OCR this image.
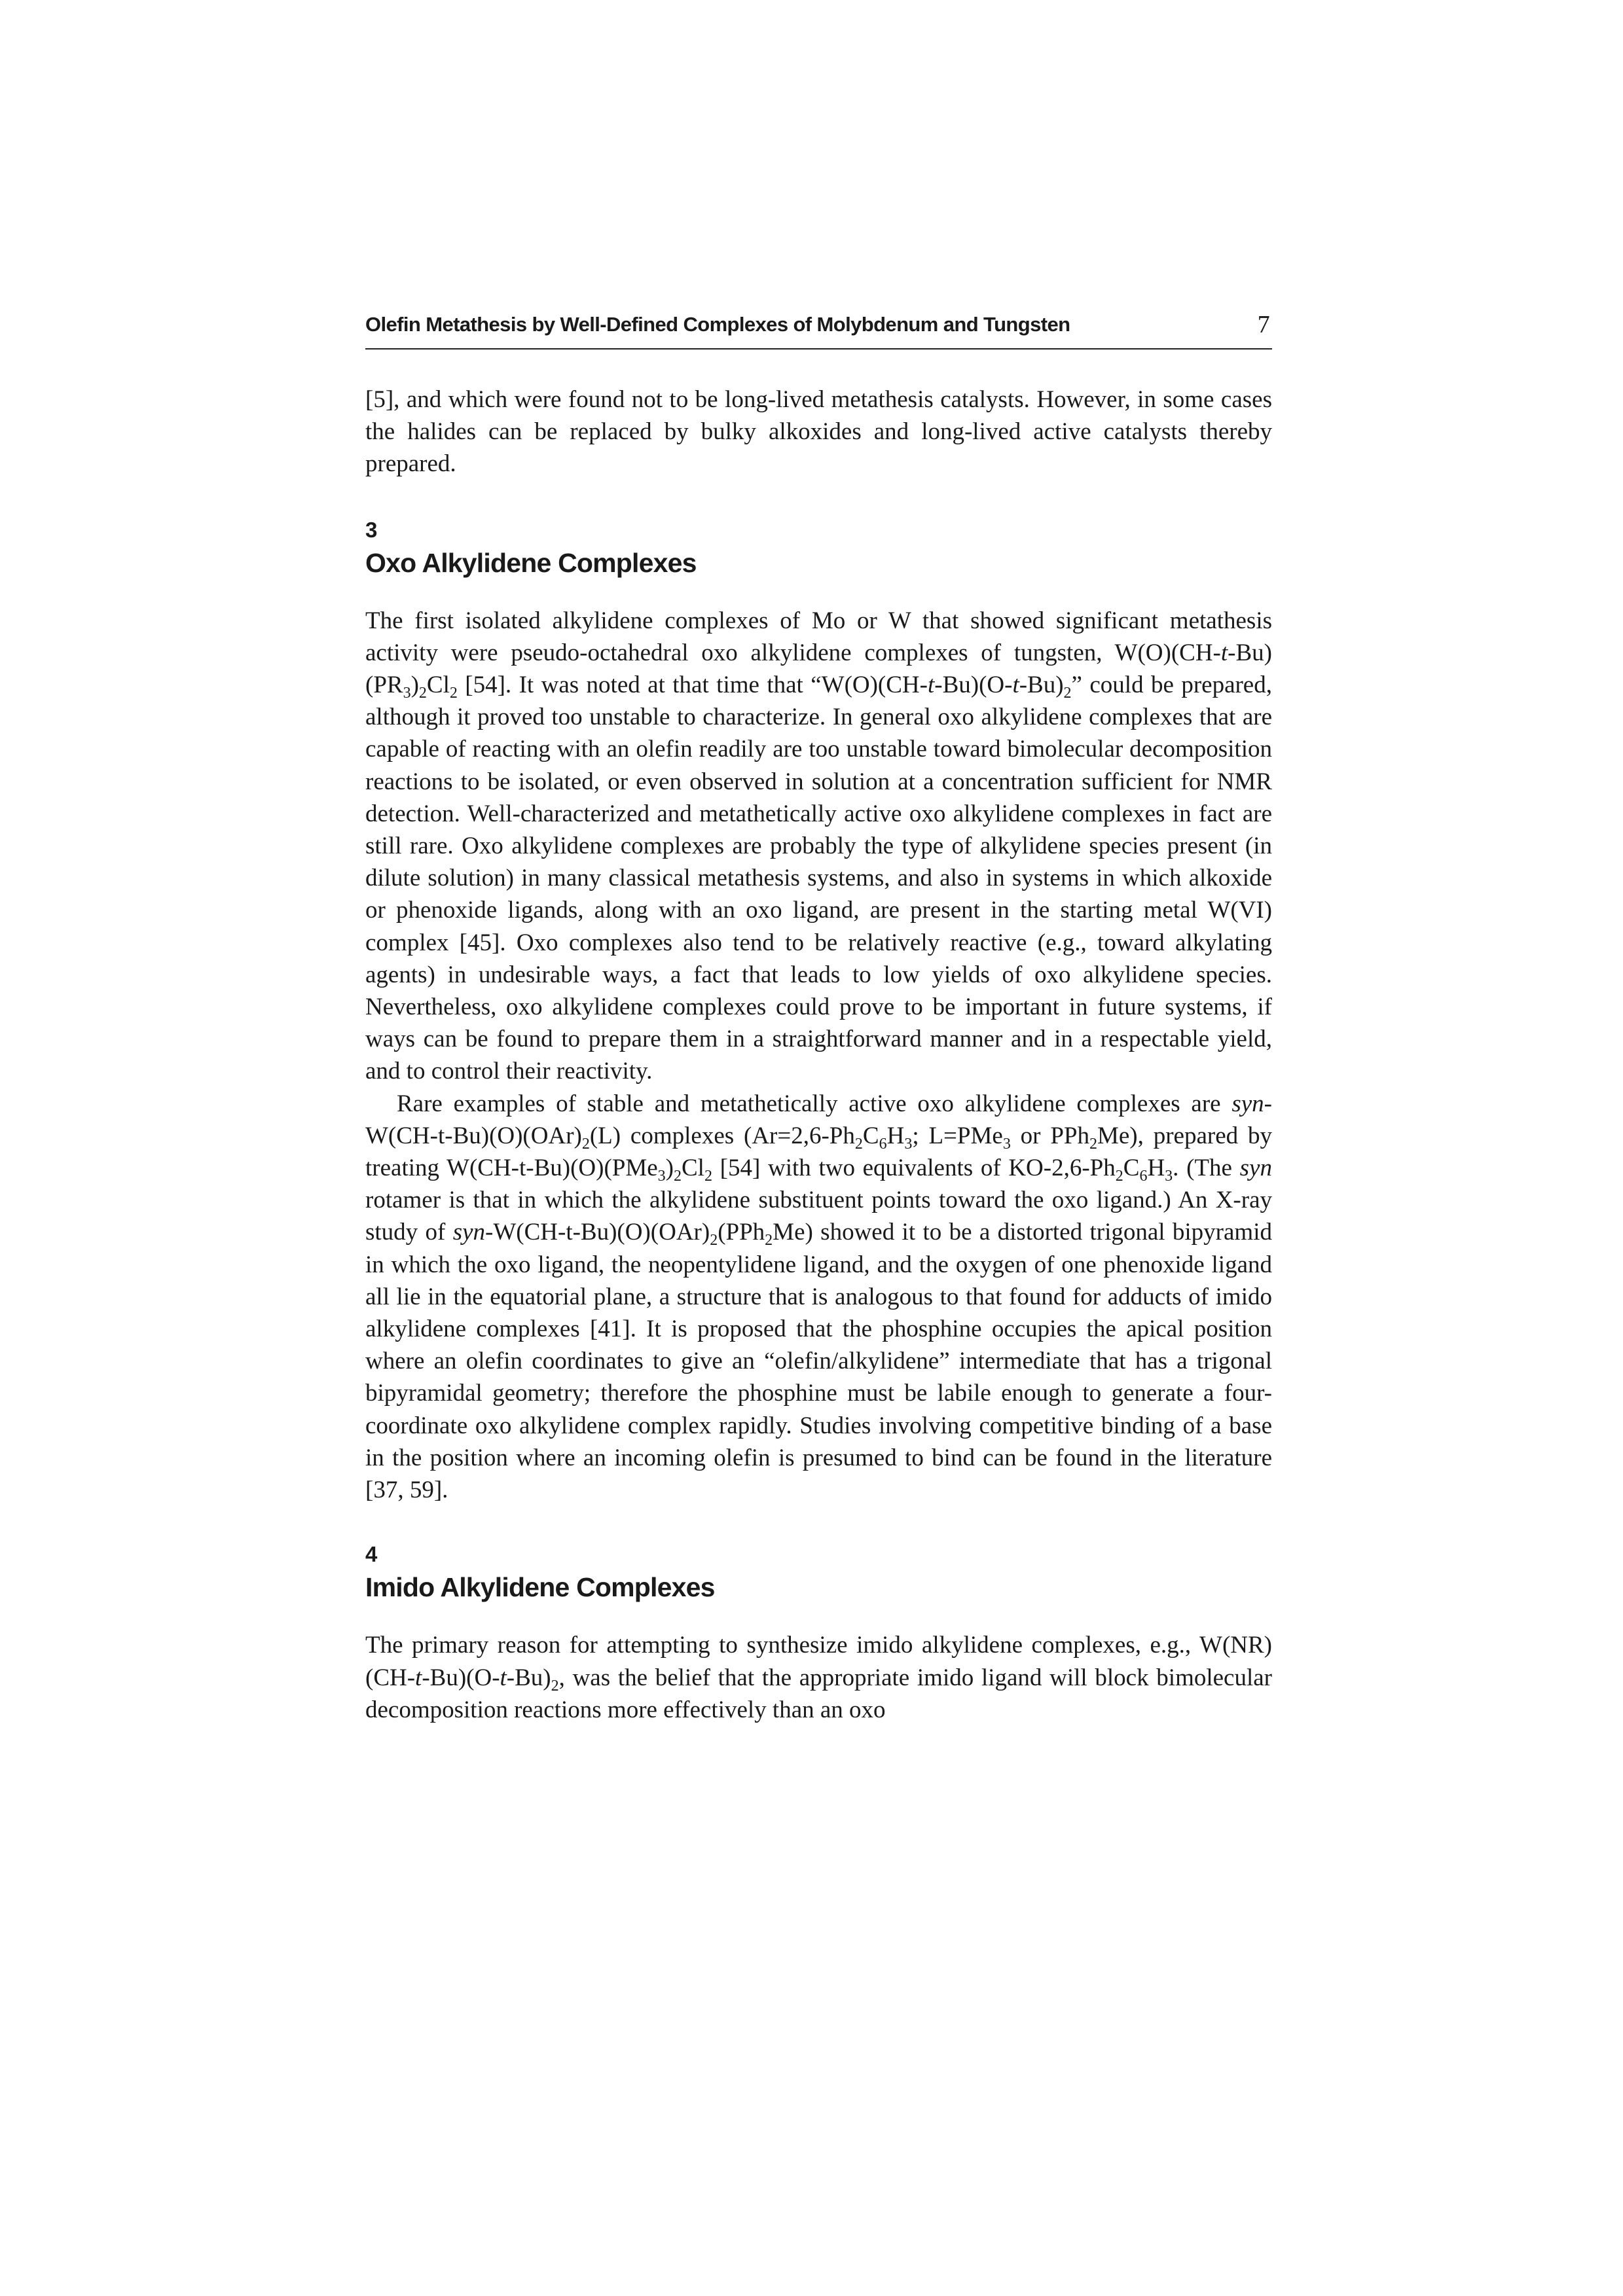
Olefin Metathesis by Well-Defined Complexes of Molybdenum and Tungsten	7

[5], and which were found not to be long-lived metathesis catalysts. However, in some cases the halides can be replaced by bulky alkoxides and long-lived active catalysts thereby prepared.

3
Oxo Alkylidene Complexes

The first isolated alkylidene complexes of Mo or W that showed significant metathesis activity were pseudo-octahedral oxo alkylidene complexes of tungsten, $W(O)(CH-t-Bu)(PR_3)_2Cl_2$ [54]. It was noted at that time that “$W(O)(CH-t-Bu)(O-t-Bu)_2$” could be prepared, although it proved too unstable to characterize. In general oxo alkylidene complexes that are capable of reacting with an olefin readily are too unstable toward bimolecular decomposition reactions to be isolated, or even observed in solution at a concentration sufficient for NMR detection. Well-characterized and metathetically active oxo alkylidene complexes in fact are still rare. Oxo alkylidene complexes are probably the type of alkylidene species present (in dilute solution) in many classical metathesis systems, and also in systems in which alkoxide or phenoxide ligands, along with an oxo ligand, are present in the starting metal W(VI) complex [45]. Oxo complexes also tend to be relatively reactive (e.g., toward alkylating agents) in undesirable ways, a fact that leads to low yields of oxo alkylidene species. Nevertheless, oxo alkylidene complexes could prove to be important in future systems, if ways can be found to prepare them in a straightforward manner and in a respectable yield, and to control their reactivity.

Rare examples of stable and metathetically active oxo alkylidene complexes are syn-$W(CH-t-Bu)(O)(OAr)_2(L)$ complexes ($Ar=2,6-Ph_2C_6H_3$; L=PMe$_3$ or PPh$_2$Me), prepared by treating $W(CH-t-Bu)(O)(PMe_3)_2Cl_2$ [54] with two equivalents of $KO-2,6-Ph_2C_6H_3$. (The syn rotamer is that in which the alkylidene substituent points toward the oxo ligand.) An X-ray study of syn-$W(CH-t-Bu)(O)(OAr)_2(PPh_2Me)$ showed it to be a distorted trigonal bipyramid in which the oxo ligand, the neopentylidene ligand, and the oxygen of one phenoxide ligand all lie in the equatorial plane, a structure that is analogous to that found for adducts of imido alkylidene complexes [41]. It is proposed that the phosphine occupies the apical position where an olefin coordinates to give an “olefin/alkylidene” intermediate that has a trigonal bipyramidal geometry; therefore the phosphine must be labile enough to generate a four-coordinate oxo alkylidene complex rapidly. Studies involving competitive binding of a base in the position where an incoming olefin is presumed to bind can be found in the literature [37, 59].

4
Imido Alkylidene Complexes

The primary reason for attempting to synthesize imido alkylidene complexes, e.g., $W(NR)(CH-t-Bu)(O-t-Bu)_2$, was the belief that the appropriate imido ligand will block bimolecular decomposition reactions more effectively than an oxo
